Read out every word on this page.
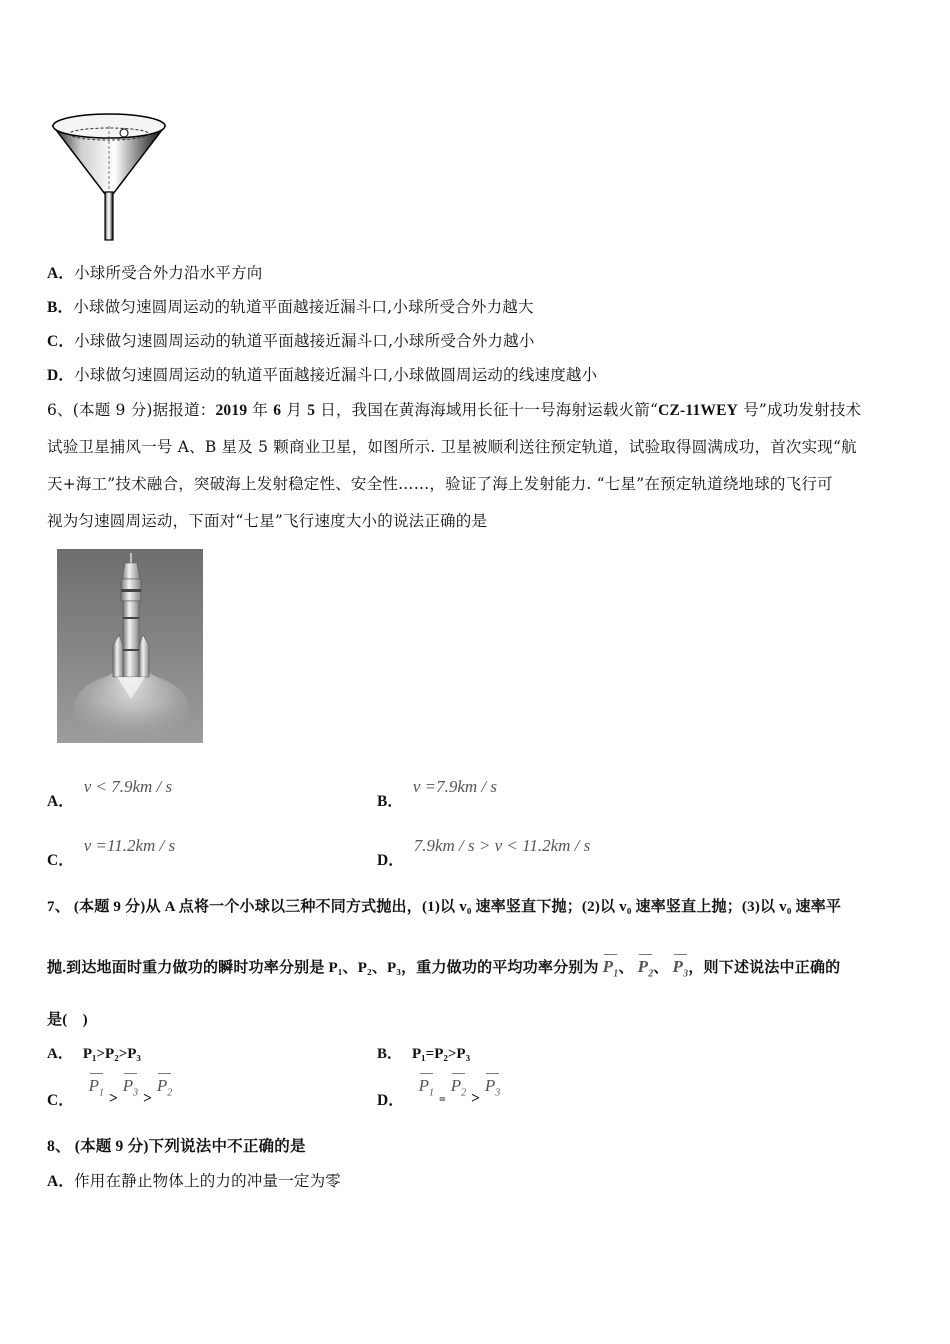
A．小球所受合外力沿水平方向
B．小球做匀速圆周运动的轨道平面越接近漏斗口,小球所受合外力越大
C．小球做匀速圆周运动的轨道平面越接近漏斗口,小球所受合外力越小
D．小球做匀速圆周运动的轨道平面越接近漏斗口,小球做圆周运动的线速度越小
6、(本题 9 分)据报道：2019 年 6 月 5 日，我国在黄海海域用长征十一号海射运载火箭“CZ-11WEY 号”成功发射技术
试验卫星捕风一号 A、B 星及 5 颗商业卫星，如图所示. 卫星被顺利送往预定轨道，试验取得圆满成功，首次实现“航
天+海工”技术融合，突破海上发射稳定性、安全性……，验证了海上发射能力. “七星”在预定轨道绕地球的飞行可
视为匀速圆周运动，下面对“七星”飞行速度大小的说法正确的是
A．v < 7.9km / s
B．v =7.9km / s
C．v =11.2km / s
D．7.9km / s > v < 11.2km / s
7、 (本题 9 分)从 A 点将一个小球以三种不同方式抛出，(1)以 v₀ 速率竖直下抛；(2)以 v₀ 速率竖直上抛；(3)以 v₀ 速率平
抛.到达地面时重力做功的瞬时功率分别是 P₁、P₂、P₃，重力做功的平均功率分别为 $P_1$、 $P_2$、 $P_3$，则下述说法中正确的
是(　)
A． P₁>P₂>P₃	B． P₁=P₂>P₃
C． $P_1 > P_3 > P_2$	D． $P_1$ $_=$ $P_2 > P_3$
8、 (本题 9 分)下列说法中不正确的是
A．作用在静止物体上的力的冲量一定为零
